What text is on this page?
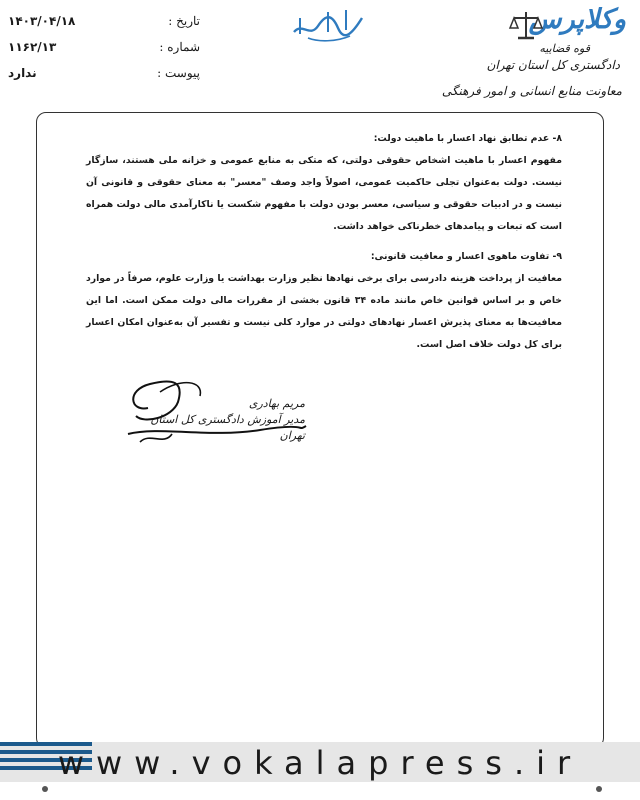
تاریخ :
شماره :
پیوست :
۱۴۰۳/۰۴/۱۸
۱۱۶۲/۱۳
ندارد
وکلاپرس
قوه قضاییه
دادگستری کل استان تهران
معاونت منابع انسانی و امور فرهنگی

۸- عدم تطابق نهاد اعسار با ماهیت دولت:

مفهوم اعسار با ماهیت اشخاص حقوقی دولتی، که متکی به منابع عمومی و خزانه ملی هستند، سازگار نیست. دولت به‌عنوان تجلی حاکمیت عمومی، اصولاً واجد وصف "معسر" به معنای حقوقی و قانونی آن نیست و در ادبیات حقوقی و سیاسی، معسر بودن دولت با مفهوم شکست یا ناکارآمدی مالی دولت همراه است که تبعات و پیامدهای خطرناکی خواهد داشت.

۹- تفاوت ماهوی اعسار و معافیت قانونی:

معافیت از پرداخت هزینه دادرسی برای برخی نهادها نظیر وزارت بهداشت یا وزارت علوم، صرفاً در موارد خاص و بر اساس قوانین خاص مانند ماده ۳۴ قانون بخشی از مقررات مالی دولت ممکن است. اما این معافیت‌ها به معنای پذیرش اعسار نهادهای دولتی در موارد کلی نیست و تفسیر آن به‌عنوان امکان اعسار برای کل دولت خلاف اصل است.

مریم بهادری
مدیر آموزش دادگستری کل استان تهران
www.vokalapress.ir
